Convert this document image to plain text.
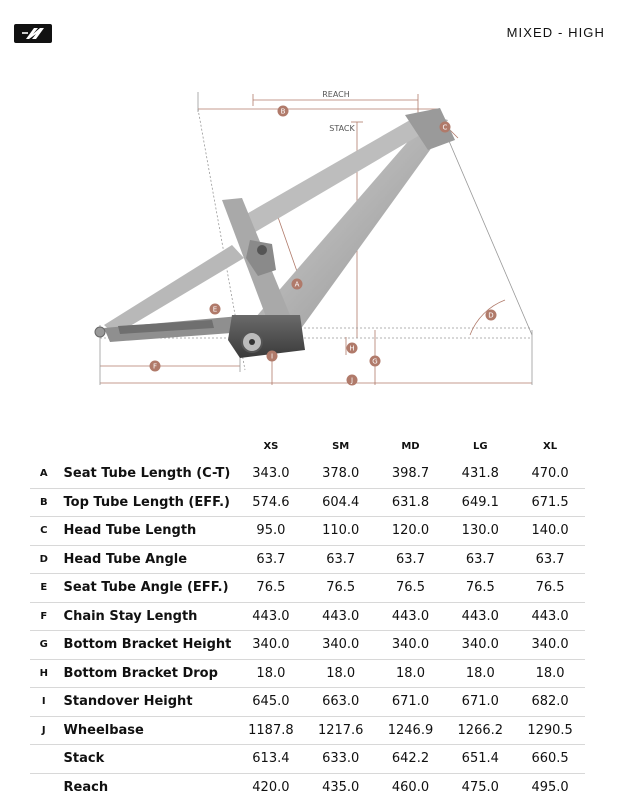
MIXED - HIGH
B
C
A
D
E
F
H
G
I
J
REACH
STACK
		XS	SM	MD	LG	XL
A	Seat Tube Length (C-T)	343.0	378.0	398.7	431.8	470.0
B	Top Tube Length (EFF.)	574.6	604.4	631.8	649.1	671.5
C	Head Tube Length	95.0	110.0	120.0	130.0	140.0
D	Head Tube Angle	63.7	63.7	63.7	63.7	63.7
E	Seat Tube Angle (EFF.)	76.5	76.5	76.5	76.5	76.5
F	Chain Stay Length	443.0	443.0	443.0	443.0	443.0
G	Bottom Bracket Height	340.0	340.0	340.0	340.0	340.0
H	Bottom Bracket Drop	18.0	18.0	18.0	18.0	18.0
I	Standover Height	645.0	663.0	671.0	671.0	682.0
J	Wheelbase	1187.8	1217.6	1246.9	1266.2	1290.5
	Stack	613.4	633.0	642.2	651.4	660.5
	Reach	420.0	435.0	460.0	475.0	495.0
